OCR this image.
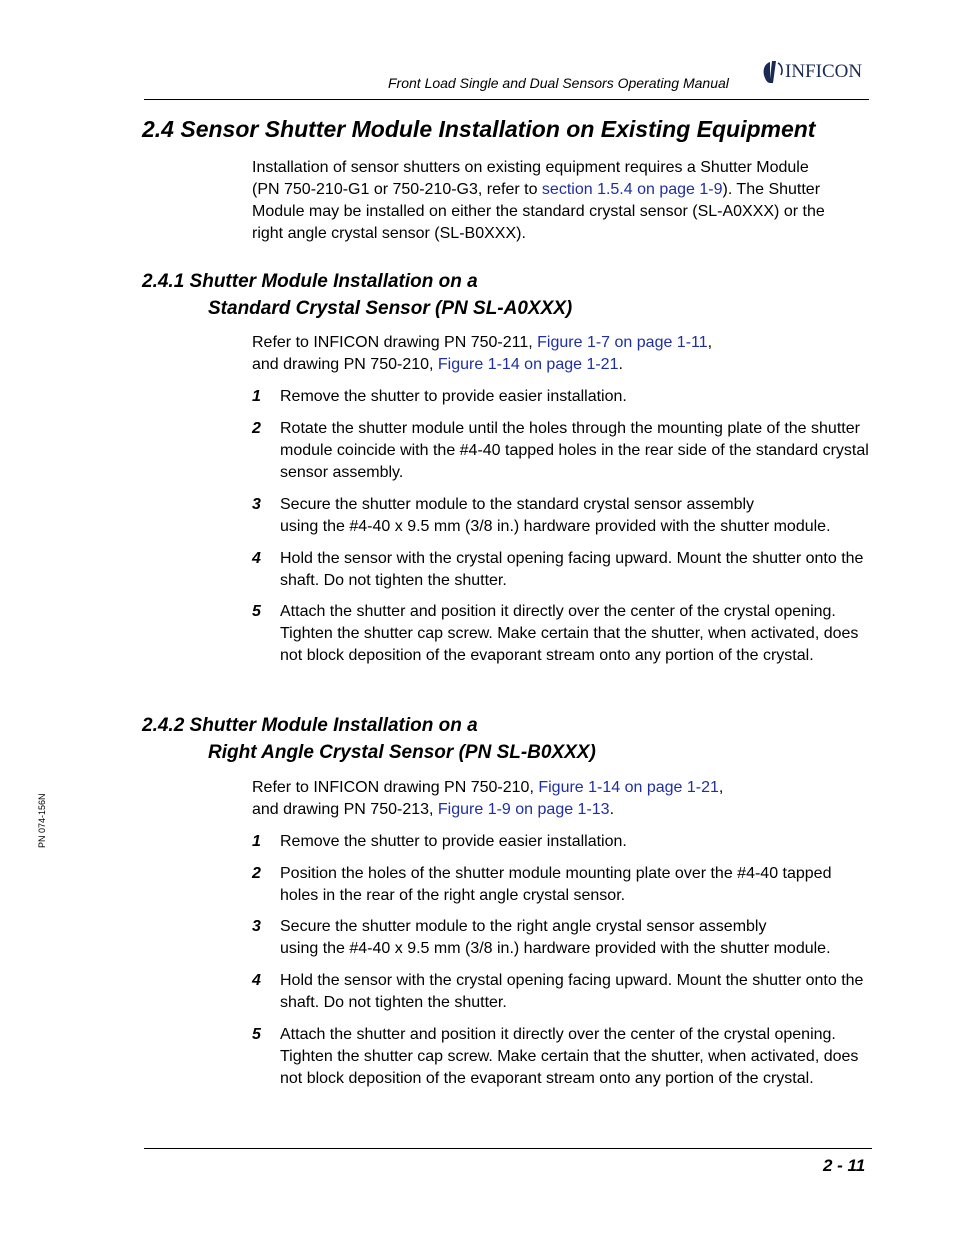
Front Load Single and Dual Sensors Operating Manual
INFICON
2.4 Sensor Shutter Module Installation on Existing Equipment
Installation of sensor shutters on existing equipment requires a Shutter Module
(PN 750-210-G1 or 750-210-G3, refer to section 1.5.4 on page 1-9). The Shutter
Module may be installed on either the standard crystal sensor (SL-A0XXX) or the
right angle crystal sensor (SL-B0XXX).
2.4.1 Shutter Module Installation on a
Standard Crystal Sensor (PN SL-A0XXX)
Refer to INFICON drawing PN 750-211, Figure 1-7 on page 1-11,
and drawing PN 750-210, Figure 1-14 on page 1-21.
1 Remove the shutter to provide easier installation.
2 Rotate the shutter module until the holes through the mounting plate of the shutter module coincide with the #4-40 tapped holes in the rear side of the standard crystal sensor assembly.
3 Secure the shutter module to the standard crystal sensor assembly
using the #4-40 x 9.5 mm (3/8 in.) hardware provided with the shutter module.
4 Hold the sensor with the crystal opening facing upward. Mount the shutter onto the shaft. Do not tighten the shutter.
5 Attach the shutter and position it directly over the center of the crystal opening. Tighten the shutter cap screw. Make certain that the shutter, when activated, does not block deposition of the evaporant stream onto any portion of the crystal.
2.4.2 Shutter Module Installation on a
Right Angle Crystal Sensor (PN SL-B0XXX)
Refer to INFICON drawing PN 750-210, Figure 1-14 on page 1-21,
and drawing PN 750-213, Figure 1-9 on page 1-13.
1 Remove the shutter to provide easier installation.
2 Position the holes of the shutter module mounting plate over the #4-40 tapped holes in the rear of the right angle crystal sensor.
3 Secure the shutter module to the right angle crystal sensor assembly
using the #4-40 x 9.5 mm (3/8 in.) hardware provided with the shutter module.
4 Hold the sensor with the crystal opening facing upward. Mount the shutter onto the shaft. Do not tighten the shutter.
5 Attach the shutter and position it directly over the center of the crystal opening. Tighten the shutter cap screw. Make certain that the shutter, when activated, does not block deposition of the evaporant stream onto any portion of the crystal.
PN 074-156N
2 - 11
